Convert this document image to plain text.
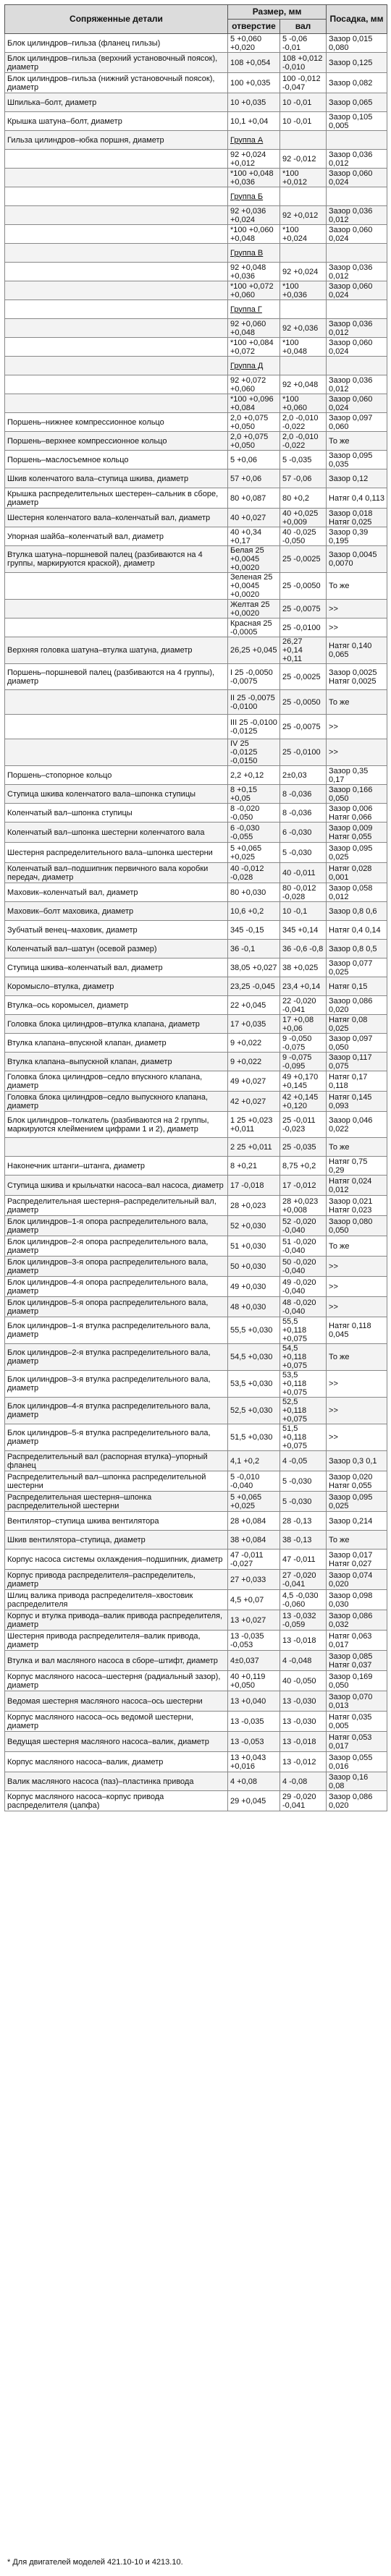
Сопряженные детали	Размер, мм		Посадка, мм
	отверстие	вал	
Блок цилиндров–гильза (фланец гильзы)	5 +0,060 +0,020	5 -0,06 -0,01	Зазор 0,015 0,080
Блок цилиндров–гильза (верхний установочный поясок), диаметр	108 +0,054	108 +0,012 -0,010	Зазор 0,125
Блок цилиндров–гильза (нижний установочный поясок), диаметр	100 +0,035	100 -0,012 -0,047	Зазор 0,082
Шпилька–болт, диаметр	10 +0,035	10 -0,01	Зазор 0,065
Крышка шатуна–болт, диаметр	10,1 +0,04	10 -0,01	Зазор 0,105 0,005
Гильза цилиндров–юбка поршня, диаметр	Группа А		
	92 +0,024 +0,012	92 -0,012	Зазор 0,036 0,012
	*100 +0,048 +0,036	*100 +0,012	Зазор 0,060 0,024
	Группа Б		
	92 +0,036 +0,024	92 +0,012	Зазор 0,036 0,012
	*100 +0,060 +0,048	*100 +0,024	Зазор 0,060 0,024
	Группа В		
	92 +0,048 +0,036	92 +0,024	Зазор 0,036 0,012
	*100 +0,072 +0,060	*100 +0,036	Зазор 0,060 0,024
	Группа Г		
	92 +0,060 +0,048	92 +0,036	Зазор 0,036 0,012
	*100 +0,084 +0,072	*100 +0,048	Зазор 0,060 0,024
	Группа Д		
	92 +0,072 +0,060	92 +0,048	Зазор 0,036 0,012
	*100 +0,096 +0,084	*100 +0,060	Зазор 0,060 0,024
Поршень–нижнее компрессионное кольцо	2,0 +0,075 +0,050	2,0 -0,010 -0,022	Зазор 0,097 0,060
Поршень–верхнее компрессионное кольцо	2,0 +0,075 +0,050	2,0 -0,010 -0,022	То же
Поршень–маслосъемное кольцо	5 +0,06	5 -0,035	Зазор 0,095 0,035
Шкив коленчатого вала–ступица шкива, диаметр	57 +0,06	57 -0,06	Зазор 0,12
Крышка распределительных шестерен–сальник в сборе, диаметр	80 +0,087	80 +0,2	Натяг 0,4 0,113
Шестерня коленчатого вала–коленчатый вал, диаметр	40 +0,027	40 +0,025 +0,009	Зазор 0,018 Натяг 0,025
Упорная шайба–коленчатый вал, диаметр	40 +0,34 +0,17	40 -0,025 -0,050	Зазор 0,39 0,195
Втулка шатуна–поршневой палец (разбиваются на 4 группы, маркируются краской), диаметр	Белая 25 +0,0045 +0,0020	25 -0,0025	Зазор 0,0045 0,0070
	Зеленая 25 +0,0045 +0,0020	25 -0,0050	То же
	Желтая 25 +0,0020	25 -0,0075	>>
	Красная 25 -0,0005	25 -0,0100	>>
Верхняя головка шатуна–втулка шатуна, диаметр	26,25 +0,045	26,27 +0,14 +0,11	Натяг 0,140 0,065
Поршень–поршневой палец (разбиваются на 4 группы), диаметр	I 25 -0,0050 -0,0075	25 -0,0025	Зазор 0,0025 Натяг 0,0025
	II 25 -0,0075 -0,0100	25 -0,0050	То же
	III 25 -0,0100 -0,0125	25 -0,0075	>>
	IV 25 -0,0125 -0,0150	25 -0,0100	>>
Поршень–стопорное кольцо	2,2 +0,12	2±0,03	Зазор 0,35 0,17
Ступица шкива коленчатого вала–шпонка ступицы	8 +0,15 +0,05	8 -0,036	Зазор 0,166 0,050
Коленчатый вал–шпонка ступицы	8 -0,020 -0,050	8 -0,036	Зазор 0,006 Натяг 0,066
Коленчатый вал–шпонка шестерни коленчатого вала	6 -0,030 -0,055	6 -0,030	Зазор 0,009 Натяг 0,055
Шестерня распределительного вала–шпонка шестерни	5 +0,065 +0,025	5 -0,030	Зазор 0,095 0,025
Коленчатый вал–подшипник первичного вала коробки передач, диаметр	40 -0,012 -0,028	40 -0,011	Натяг 0,028 0,001
Маховик–коленчатый вал, диаметр	80 +0,030	80 -0,012 -0,028	Зазор 0,058 0,012
Маховик–болт маховика, диаметр	10,6 +0,2	10 -0,1	Зазор 0,8 0,6
Зубчатый венец–маховик, диаметр	345 -0,15	345 +0,14	Натяг 0,4 0,14
Коленчатый вал–шатун (осевой размер)	36 -0,1	36 -0,6 -0,8	Зазор 0,8 0,5
Ступица шкива–коленчатый вал, диаметр	38,05 +0,027	38 +0,025	Зазор 0,077 0,025
Коромысло–втулка, диаметр	23,25 -0,045	23,4 +0,14	Натяг 0,15
Втулка–ось коромысел, диаметр	22 +0,045	22 -0,020 -0,041	Зазор 0,086 0,020
Головка блока цилиндров–втулка клапана, диаметр	17 +0,035	17 +0,08 +0,06	Натяг 0,08 0,025
Втулка клапана–впускной клапан, диаметр	9 +0,022	9 -0,050 -0,075	Зазор 0,097 0,050
Втулка клапана–выпускной клапан, диаметр	9 +0,022	9 -0,075 -0,095	Зазор 0,117 0,075
Головка блока цилиндров–седло впускного клапана, диаметр	49 +0,027	49 +0,170 +0,145	Натяг 0,17 0,118
Головка блока цилиндров–седло выпускного клапана, диаметр	42 +0,027	42 +0,145 +0,120	Натяг 0,145 0,093
Блок цилиндров–толкатель (разбиваются на 2 группы, маркируются клеймением цифрами 1 и 2), диаметр	1 25 +0,023 +0,011	25 -0,011 -0,023	Зазор 0,046 0,022
	2 25 +0,011	25 -0,035	То же
Наконечник штанги–штанга, диаметр	8 +0,21	8,75 +0,2	Натяг 0,75 0,29
Ступица шкива и крыльчатки насоса–вал насоса, диаметр	17 -0,018	17 -0,012	Натяг 0,024 0,012
Распределительная шестерня–распределительный вал, диаметр	28 +0,023	28 +0,023 +0,008	Зазор 0,021 Натяг 0,023
Блок цилиндров–1-я опора распределительного вала, диаметр	52 +0,030	52 -0,020 -0,040	Зазор 0,080 0,050
Блок цилиндров–2-я опора распределительного вала, диаметр	51 +0,030	51 -0,020 -0,040	То же
Блок цилиндров–3-я опора распределительного вала, диаметр	50 +0,030	50 -0,020 -0,040	>>
Блок цилиндров–4-я опора распределительного вала, диаметр	49 +0,030	49 -0,020 -0,040	>>
Блок цилиндров–5-я опора распределительного вала, диаметр	48 +0,030	48 -0,020 -0,040	>>
Блок цилиндров–1-я втулка распределительного вала, диаметр	55,5 +0,030	55,5 +0,118 +0,075	Натяг 0,118 0,045
Блок цилиндров–2-я втулка распределительного вала, диаметр	54,5 +0,030	54,5 +0,118 +0,075	То же
Блок цилиндров–3-я втулка распределительного вала, диаметр	53,5 +0,030	53,5 +0,118 +0,075	>>
Блок цилиндров–4-я втулка распределительного вала, диаметр	52,5 +0,030	52,5 +0,118 +0,075	>>
Блок цилиндров–5-я втулка распределительного вала, диаметр	51,5 +0,030	51,5 +0,118 +0,075	>>
Распределительный вал (распорная втулка)–упорный фланец	4,1 +0,2	4 -0,05	Зазор 0,3 0,1
Распределительный вал–шпонка распределительной шестерни	5 -0,010 -0,040	5 -0,030	Зазор 0,020 Натяг 0,055
Распределительная шестерня–шпонка распределительной шестерни	5 +0,065 +0,025	5 -0,030	Зазор 0,095 0,025
Вентилятор–ступица шкива вентилятора	28 +0,084	28 -0,13	Зазор 0,214
Шкив вентилятора–ступица, диаметр	38 +0,084	38 -0,13	То же
Корпус насоса системы охлаждения–подшипник, диаметр	47 -0,011 -0,027	47 -0,011	Зазор 0,017 Натяг 0,027
Корпус привода распределителя–распределитель, диаметр	27 +0,033	27 -0,020 -0,041	Зазор 0,074 0,020
Шлиц валика привода распределителя–хвостовик распределителя	4,5 +0,07	4,5 -0,030 -0,060	Зазор 0,098 0,030
Корпус и втулка привода–валик привода распределителя, диаметр	13 +0,027	13 -0,032 -0,059	Зазор 0,086 0,032
Шестерня привода распределителя–валик привода, диаметр	13 -0,035 -0,053	13 -0,018	Натяг 0,063 0,017
Втулка и вал масляного насоса в сборе–штифт, диаметр	4±0,037	4 -0,048	Зазор 0,085 Натяг 0,037
Корпус масляного насоса–шестерня (радиальный зазор), диаметр	40 +0,119 +0,050	40 -0,050	Зазор 0,169 0,050
Ведомая шестерня масляного насоса–ось шестерни	13 +0,040	13 -0,030	Зазор 0,070 0,013
Корпус масляного насоса–ось ведомой шестерни, диаметр	13 -0,035	13 -0,030	Натяг 0,035 0,005
Ведущая шестерня масляного насоса–валик, диаметр	13 -0,053	13 -0,018	Натяг 0,053 0,017
Корпус масляного насоса–валик, диаметр	13 +0,043 +0,016	13 -0,012	Зазор 0,055 0,016
Валик масляного насоса (паз)–пластинка привода	4 +0,08	4 -0,08	Зазор 0,16 0,08
Корпус масляного насоса–корпус привода распределителя (цапфа)	29 +0,045	29 -0,020 -0,041	Зазор 0,086 0,020
* Для двигателей моделей 421.10-10 и 4213.10.
